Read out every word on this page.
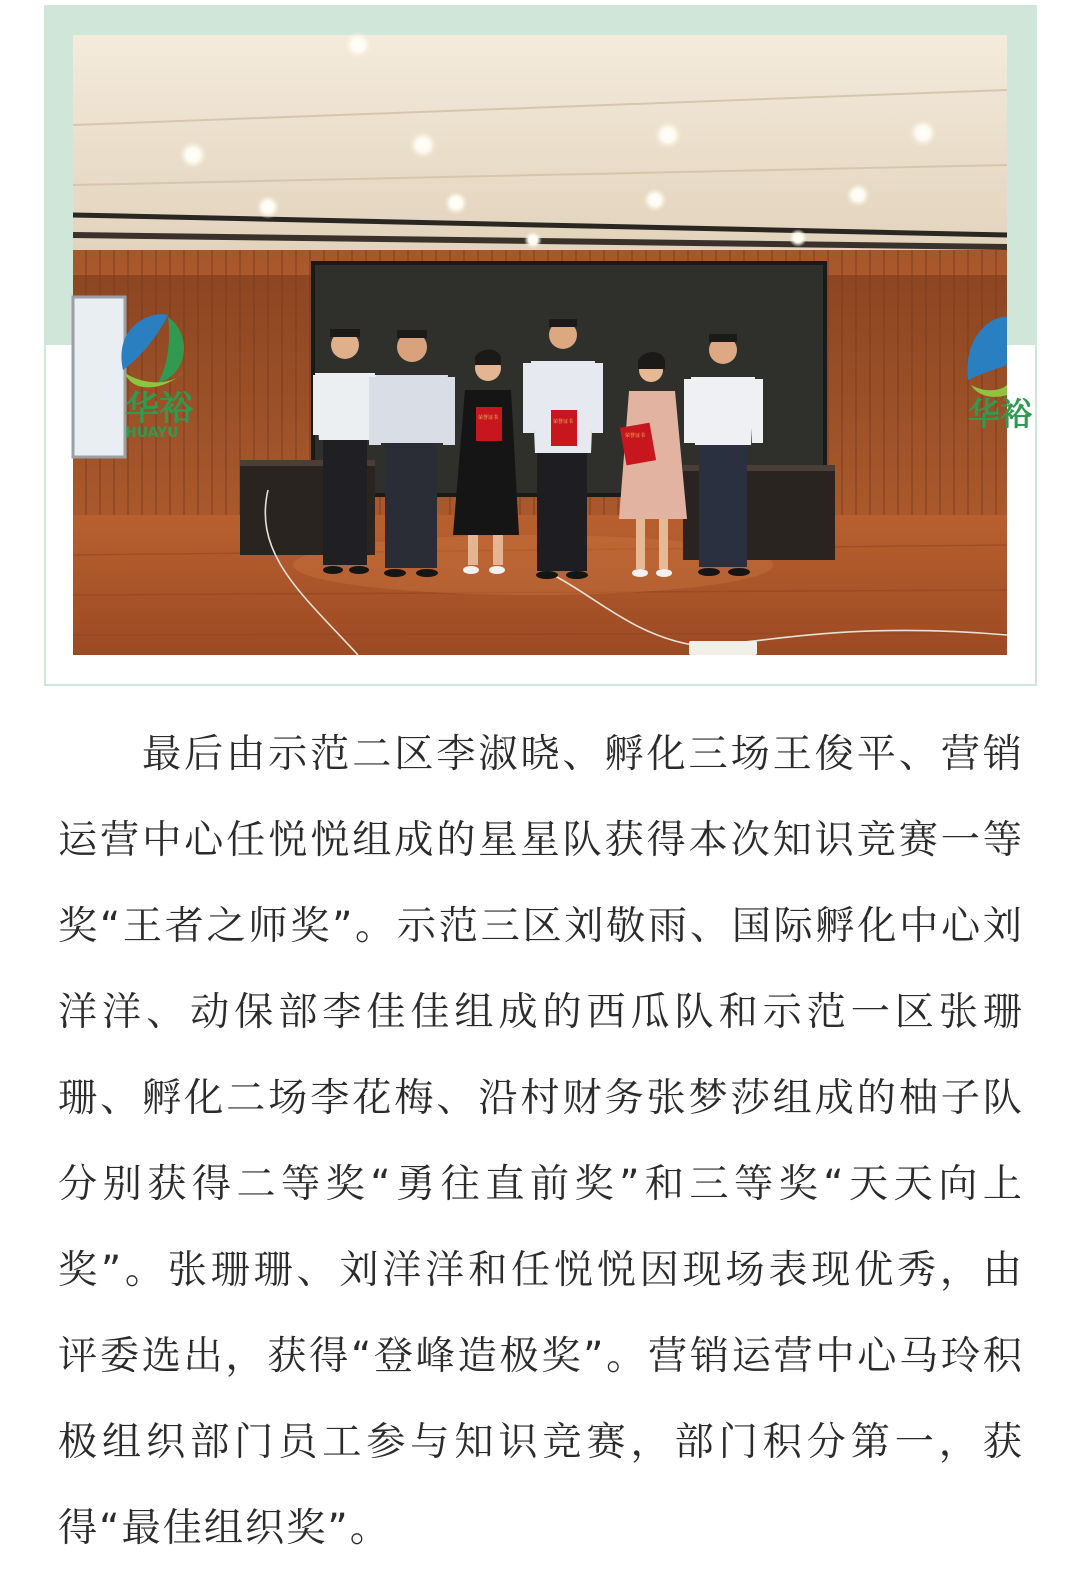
华裕
HUAYU	华裕
荣誉证书
荣誉证书
荣誉证书

最后由示范二区李淑晓、孵化三场王俊平、营销运营中心任悦悦组成的星星队获得本次知识竞赛一等奖“王者之师奖”。示范三区刘敬雨、国际孵化中心刘洋洋、动保部李佳佳组成的西瓜队和示范一区张珊珊、孵化二场李花梅、沿村财务张梦莎组成的柚子队分别获得二等奖“勇往直前奖”和三等奖“天天向上奖”。张珊珊、刘洋洋和任悦悦因现场表现优秀，由评委选出，获得“登峰造极奖”。营销运营中心马玲积极组织部门员工参与知识竞赛，部门积分第一，获得“最佳组织奖”。
